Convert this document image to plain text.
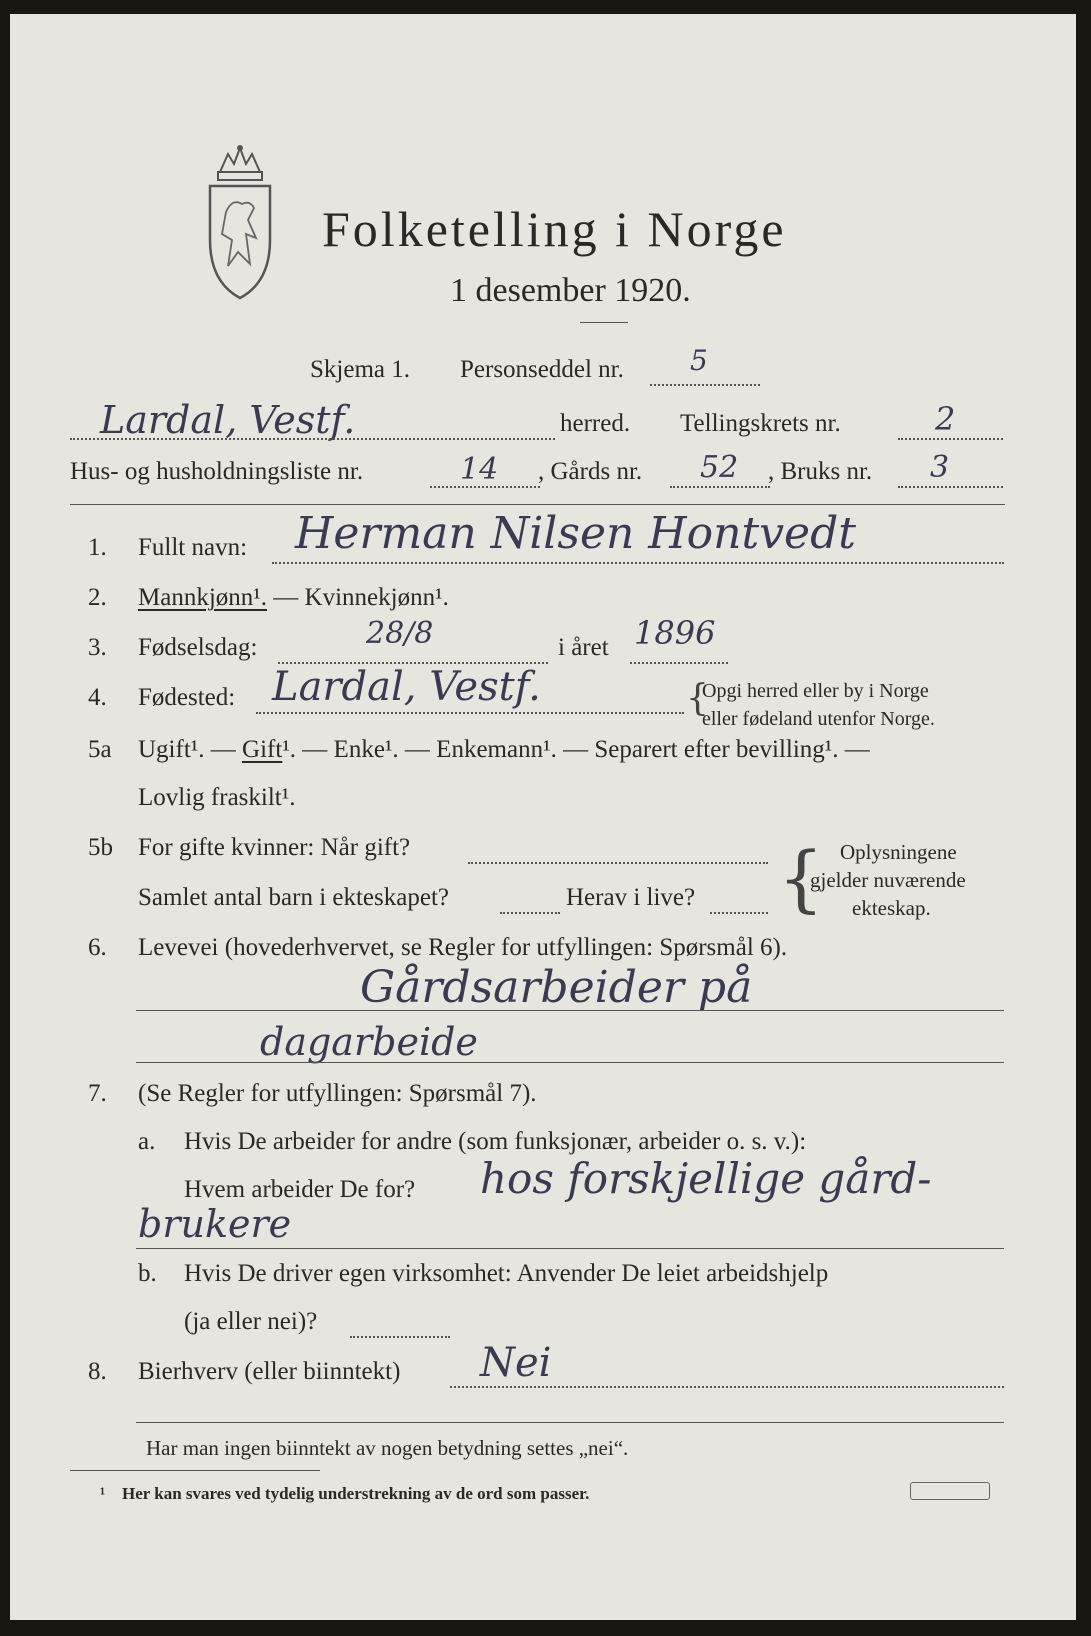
Folketelling i Norge
1 desember 1920.
Skjema 1. Personseddel nr. 5
Lardal, Vestf.	herred. Tellingskrets nr.	2
Hus- og husholdningsliste nr.	14 , Gårds nr. 52 , Bruks nr. 3
1. Fullt navn: Herman Nilsen Hontvedt
2. Mannkjønn¹. — Kvinnekjønn¹.
3. Fødselsdag:	28/8	i året 1896
4. Fødested: Lardal, Vestf.	{
Opgi herred eller by i Norge
eller fødeland utenfor Norge.
5a Ugift¹. — Gift¹. — Enke¹. — Enkemann¹. — Separert efter bevilling¹. —
Lovlig fraskilt¹.
5b For gifte kvinner: Når gift?
Samlet antal barn i ekteskapet?	Herav i live? { Oplysningene
gjelder nuværende
ekteskap.
6. Levevei (hovederhvervet, se Regler for utfyllingen: Spørsmål 6).
Gårdsarbeider på
dagarbeide
7. (Se Regler for utfyllingen: Spørsmål 7).
a. Hvis De arbeider for andre (som funksjonær, arbeider o. s. v.):
Hvem arbeider De for? hos forskjellige gård-
brukere
b. Hvis De driver egen virksomhet: Anvender De leiet arbeidshjelp
(ja eller nei)?
8. Bierhverv (eller biinntekt) Nei
Har man ingen biinntekt av nogen betydning settes „nei“.
¹ Her kan svares ved tydelig understrekning av de ord som passer.
